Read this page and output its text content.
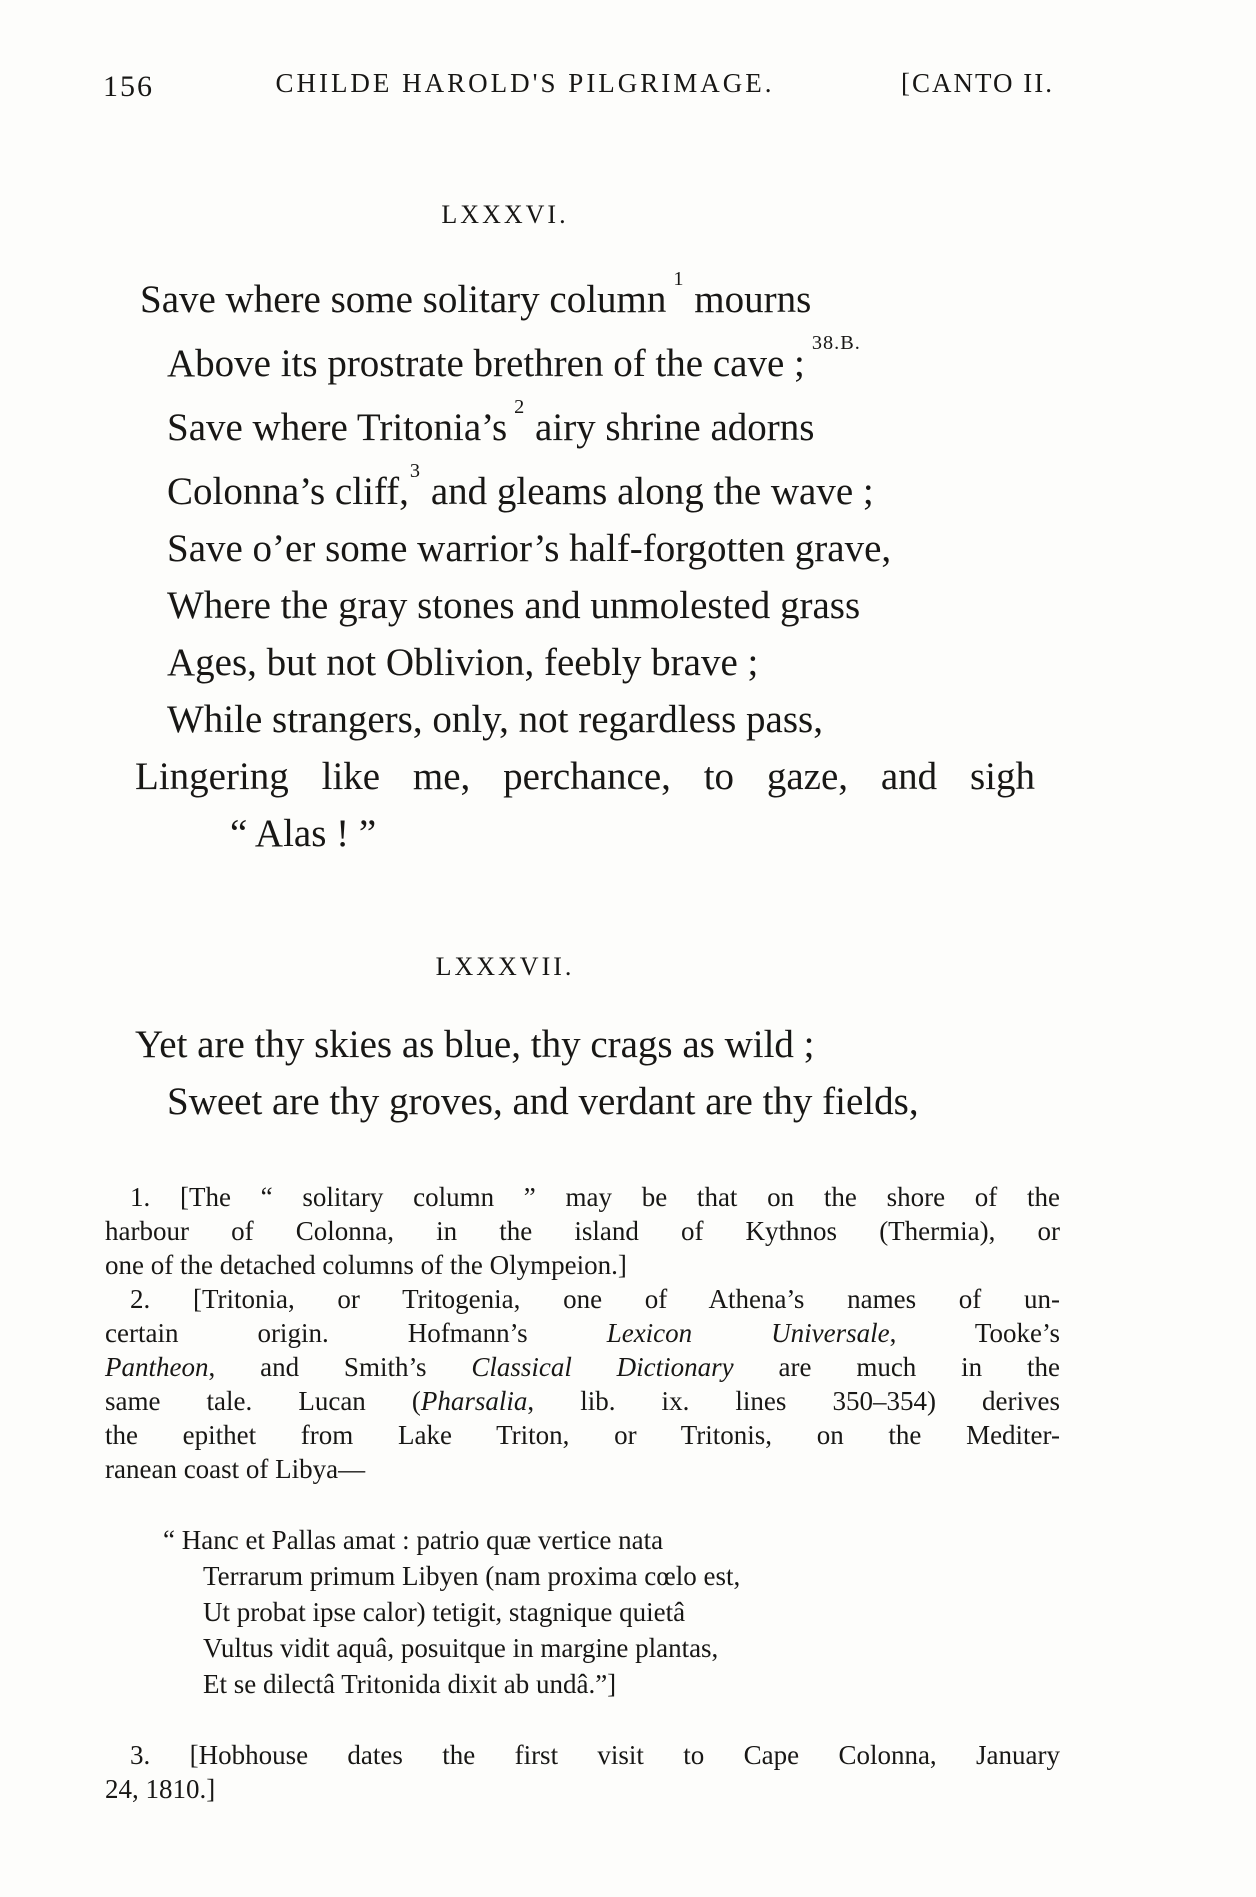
156	CHILDE HAROLD'S PILGRIMAGE.	[CANTO II.
LXXXVI.
Save where some solitary column $^1$ mourns
Above its prostrate brethren of the cave ; $^{38.B.}$
Save where Tritonia’s $^2$ airy shrine adorns
Colonna’s cliff,$^3$ and gleams along the wave ;
Save o’er some warrior’s half-forgotten grave,
Where the gray stones and unmolested grass
Ages, but not Oblivion, feebly brave ;
While strangers, only, not regardless pass,
Lingering like me, perchance, to gaze, and sigh
“ Alas ! ”
LXXXVII.
Yet are thy skies as blue, thy crags as wild ;
Sweet are thy groves, and verdant are thy fields,
1. [The “ solitary column ” may be that on the shore of the
harbour of Colonna, in the island of Kythnos (Thermia), or
one of the detached columns of the Olympeion.]
2. [Tritonia, or Tritogenia, one of Athena’s names of un-
certain origin. Hofmann’s Lexicon Universale, Tooke’s
Pantheon, and Smith’s Classical Dictionary are much in the
same tale. Lucan (Pharsalia, lib. ix. lines 350–354) derives
the epithet from Lake Triton, or Tritonis, on the Mediter-
ranean coast of Libya—
“ Hanc et Pallas amat : patrio quæ vertice nata
Terrarum primum Libyen (nam proxima cœlo est,
Ut probat ipse calor) tetigit, stagnique quietâ
Vultus vidit aquâ, posuitque in margine plantas,
Et se dilectâ Tritonida dixit ab undâ.”]
3. [Hobhouse dates the first visit to Cape Colonna, January
24, 1810.]
